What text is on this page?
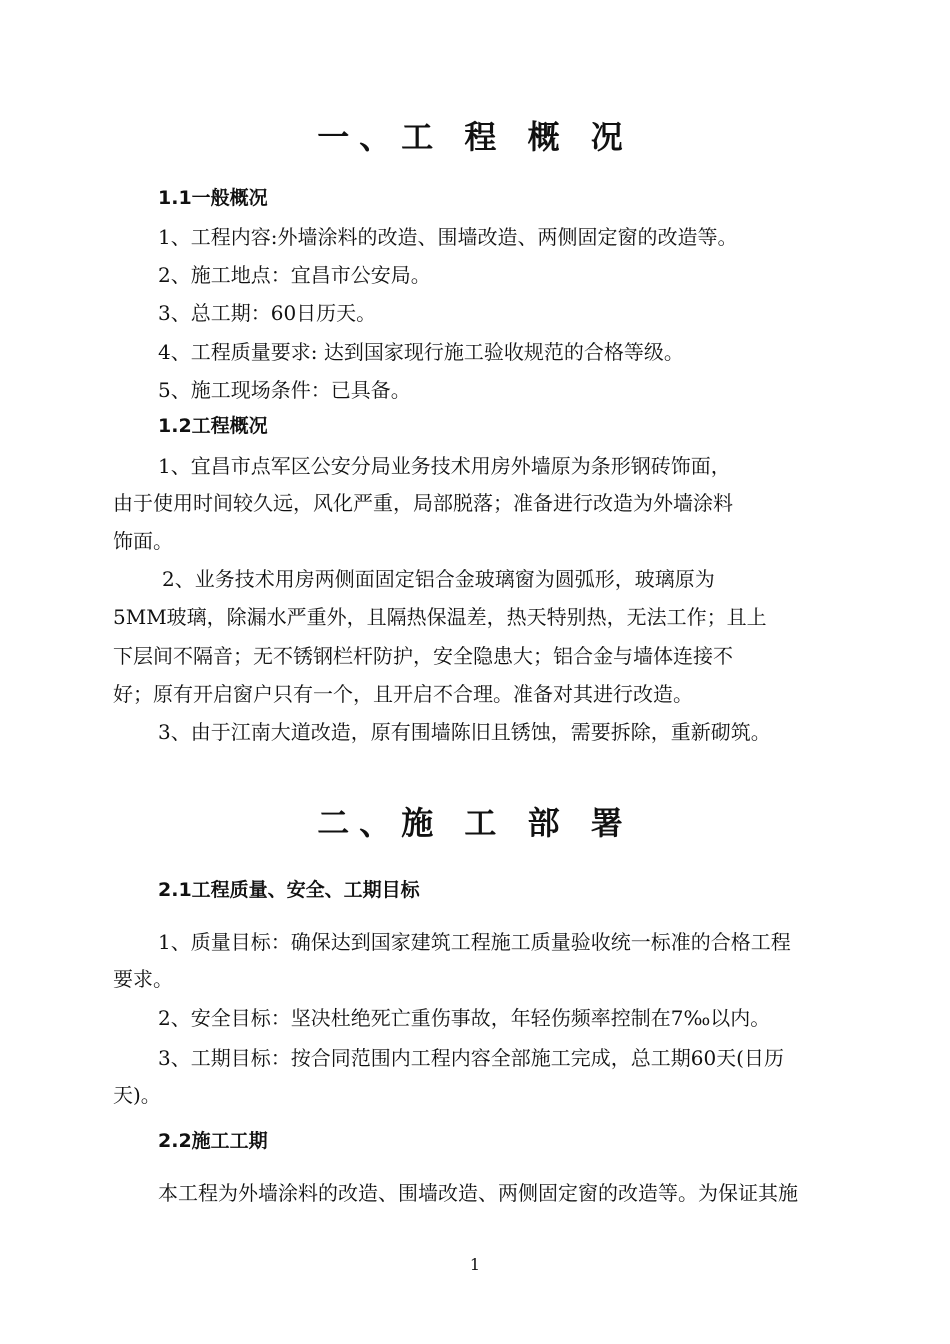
一、工 程 概 况
1.1一般概况
1、工程内容:外墙涂料的改造、围墙改造、两侧固定窗的改造等。
2、施工地点：宜昌市公安局。
3、总工期：60日历天。
4、工程质量要求: 达到国家现行施工验收规范的合格等级。
5、施工现场条件：已具备。
1.2工程概况
1、宜昌市点军区公安分局业务技术用房外墙原为条形钢砖饰面，
由于使用时间较久远，风化严重，局部脱落；准备进行改造为外墙涂料
饰面。
2、业务技术用房两侧面固定铝合金玻璃窗为圆弧形，玻璃原为
5MM玻璃，除漏水严重外，且隔热保温差，热天特别热，无法工作；且上
下层间不隔音；无不锈钢栏杆防护，安全隐患大；铝合金与墙体连接不
好；原有开启窗户只有一个，且开启不合理。准备对其进行改造。
3、由于江南大道改造，原有围墙陈旧且锈蚀，需要拆除，重新砌筑。
二、施 工 部 署
2.1工程质量、安全、工期目标
1、质量目标：确保达到国家建筑工程施工质量验收统一标准的合格工程
要求。
2、安全目标：坚决杜绝死亡重伤事故，年轻伤频率控制在7‰以内。
3、工期目标：按合同范围内工程内容全部施工完成，总工期60天(日历
天)。
2.2施工工期
本工程为外墙涂料的改造、围墙改造、两侧固定窗的改造等。为保证其施
1
